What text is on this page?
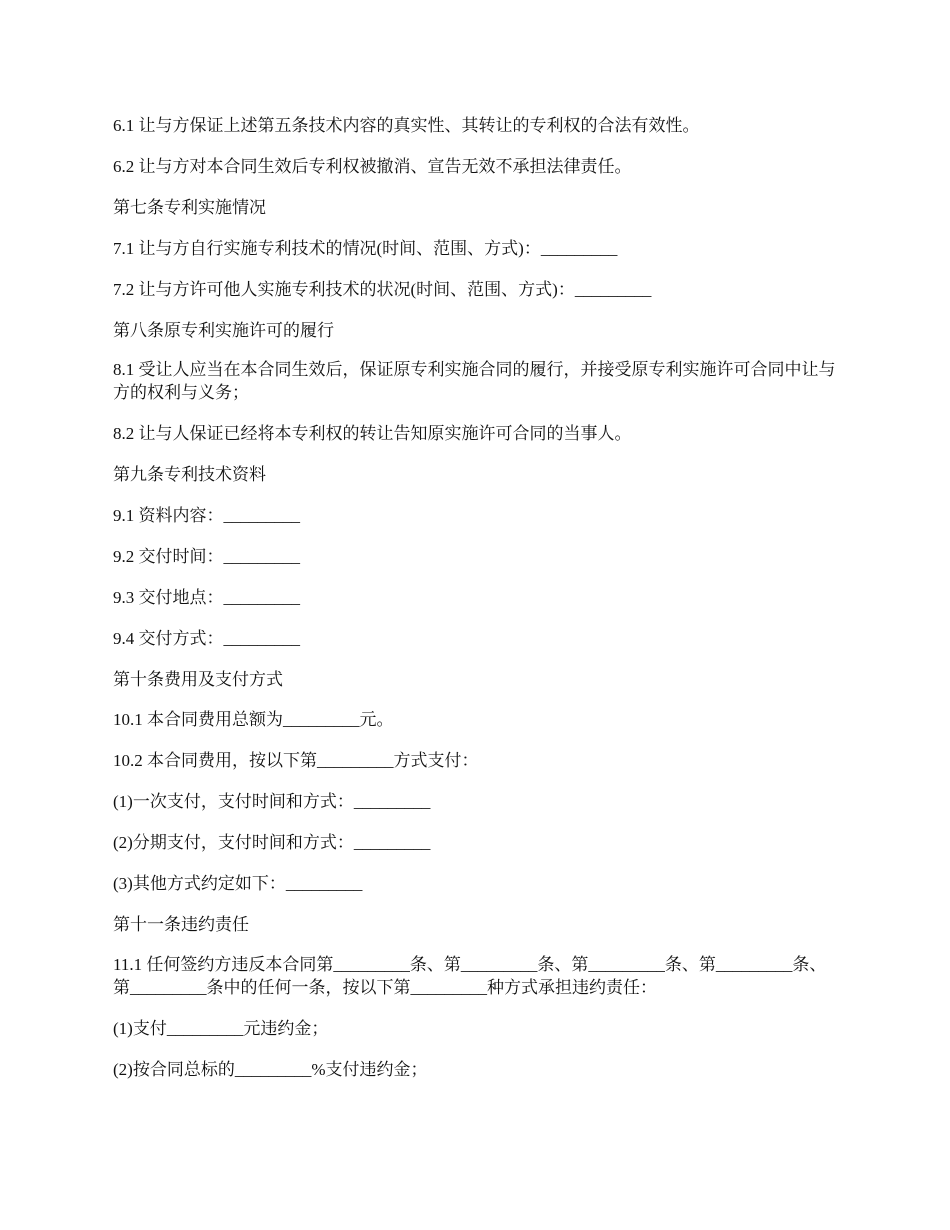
6.1 让与方保证上述第五条技术内容的真实性、其转让的专利权的合法有效性。

6.2 让与方对本合同生效后专利权被撤消、宣告无效不承担法律责任。

第七条专利实施情况

7.1 让与方自行实施专利技术的情况(时间、范围、方式)：_________

7.2 让与方许可他人实施专利技术的状况(时间、范围、方式)：_________

第八条原专利实施许可的履行

8.1 受让人应当在本合同生效后，保证原专利实施合同的履行，并接受原专利实施许可合同中让与方的权利与义务；

8.2 让与人保证已经将本专利权的转让告知原实施许可合同的当事人。

第九条专利技术资料

9.1 资料内容：_________

9.2 交付时间：_________

9.3 交付地点：_________

9.4 交付方式：_________

第十条费用及支付方式

10.1 本合同费用总额为_________元。

10.2 本合同费用，按以下第_________方式支付：

(1)一次支付，支付时间和方式：_________

(2)分期支付，支付时间和方式：_________

(3)其他方式约定如下：_________

第十一条违约责任

11.1 任何签约方违反本合同第_________条、第_________条、第_________条、第_________条、第_________条中的任何一条，按以下第_________种方式承担违约责任：

(1)支付_________元违约金；

(2)按合同总标的_________%支付违约金；
